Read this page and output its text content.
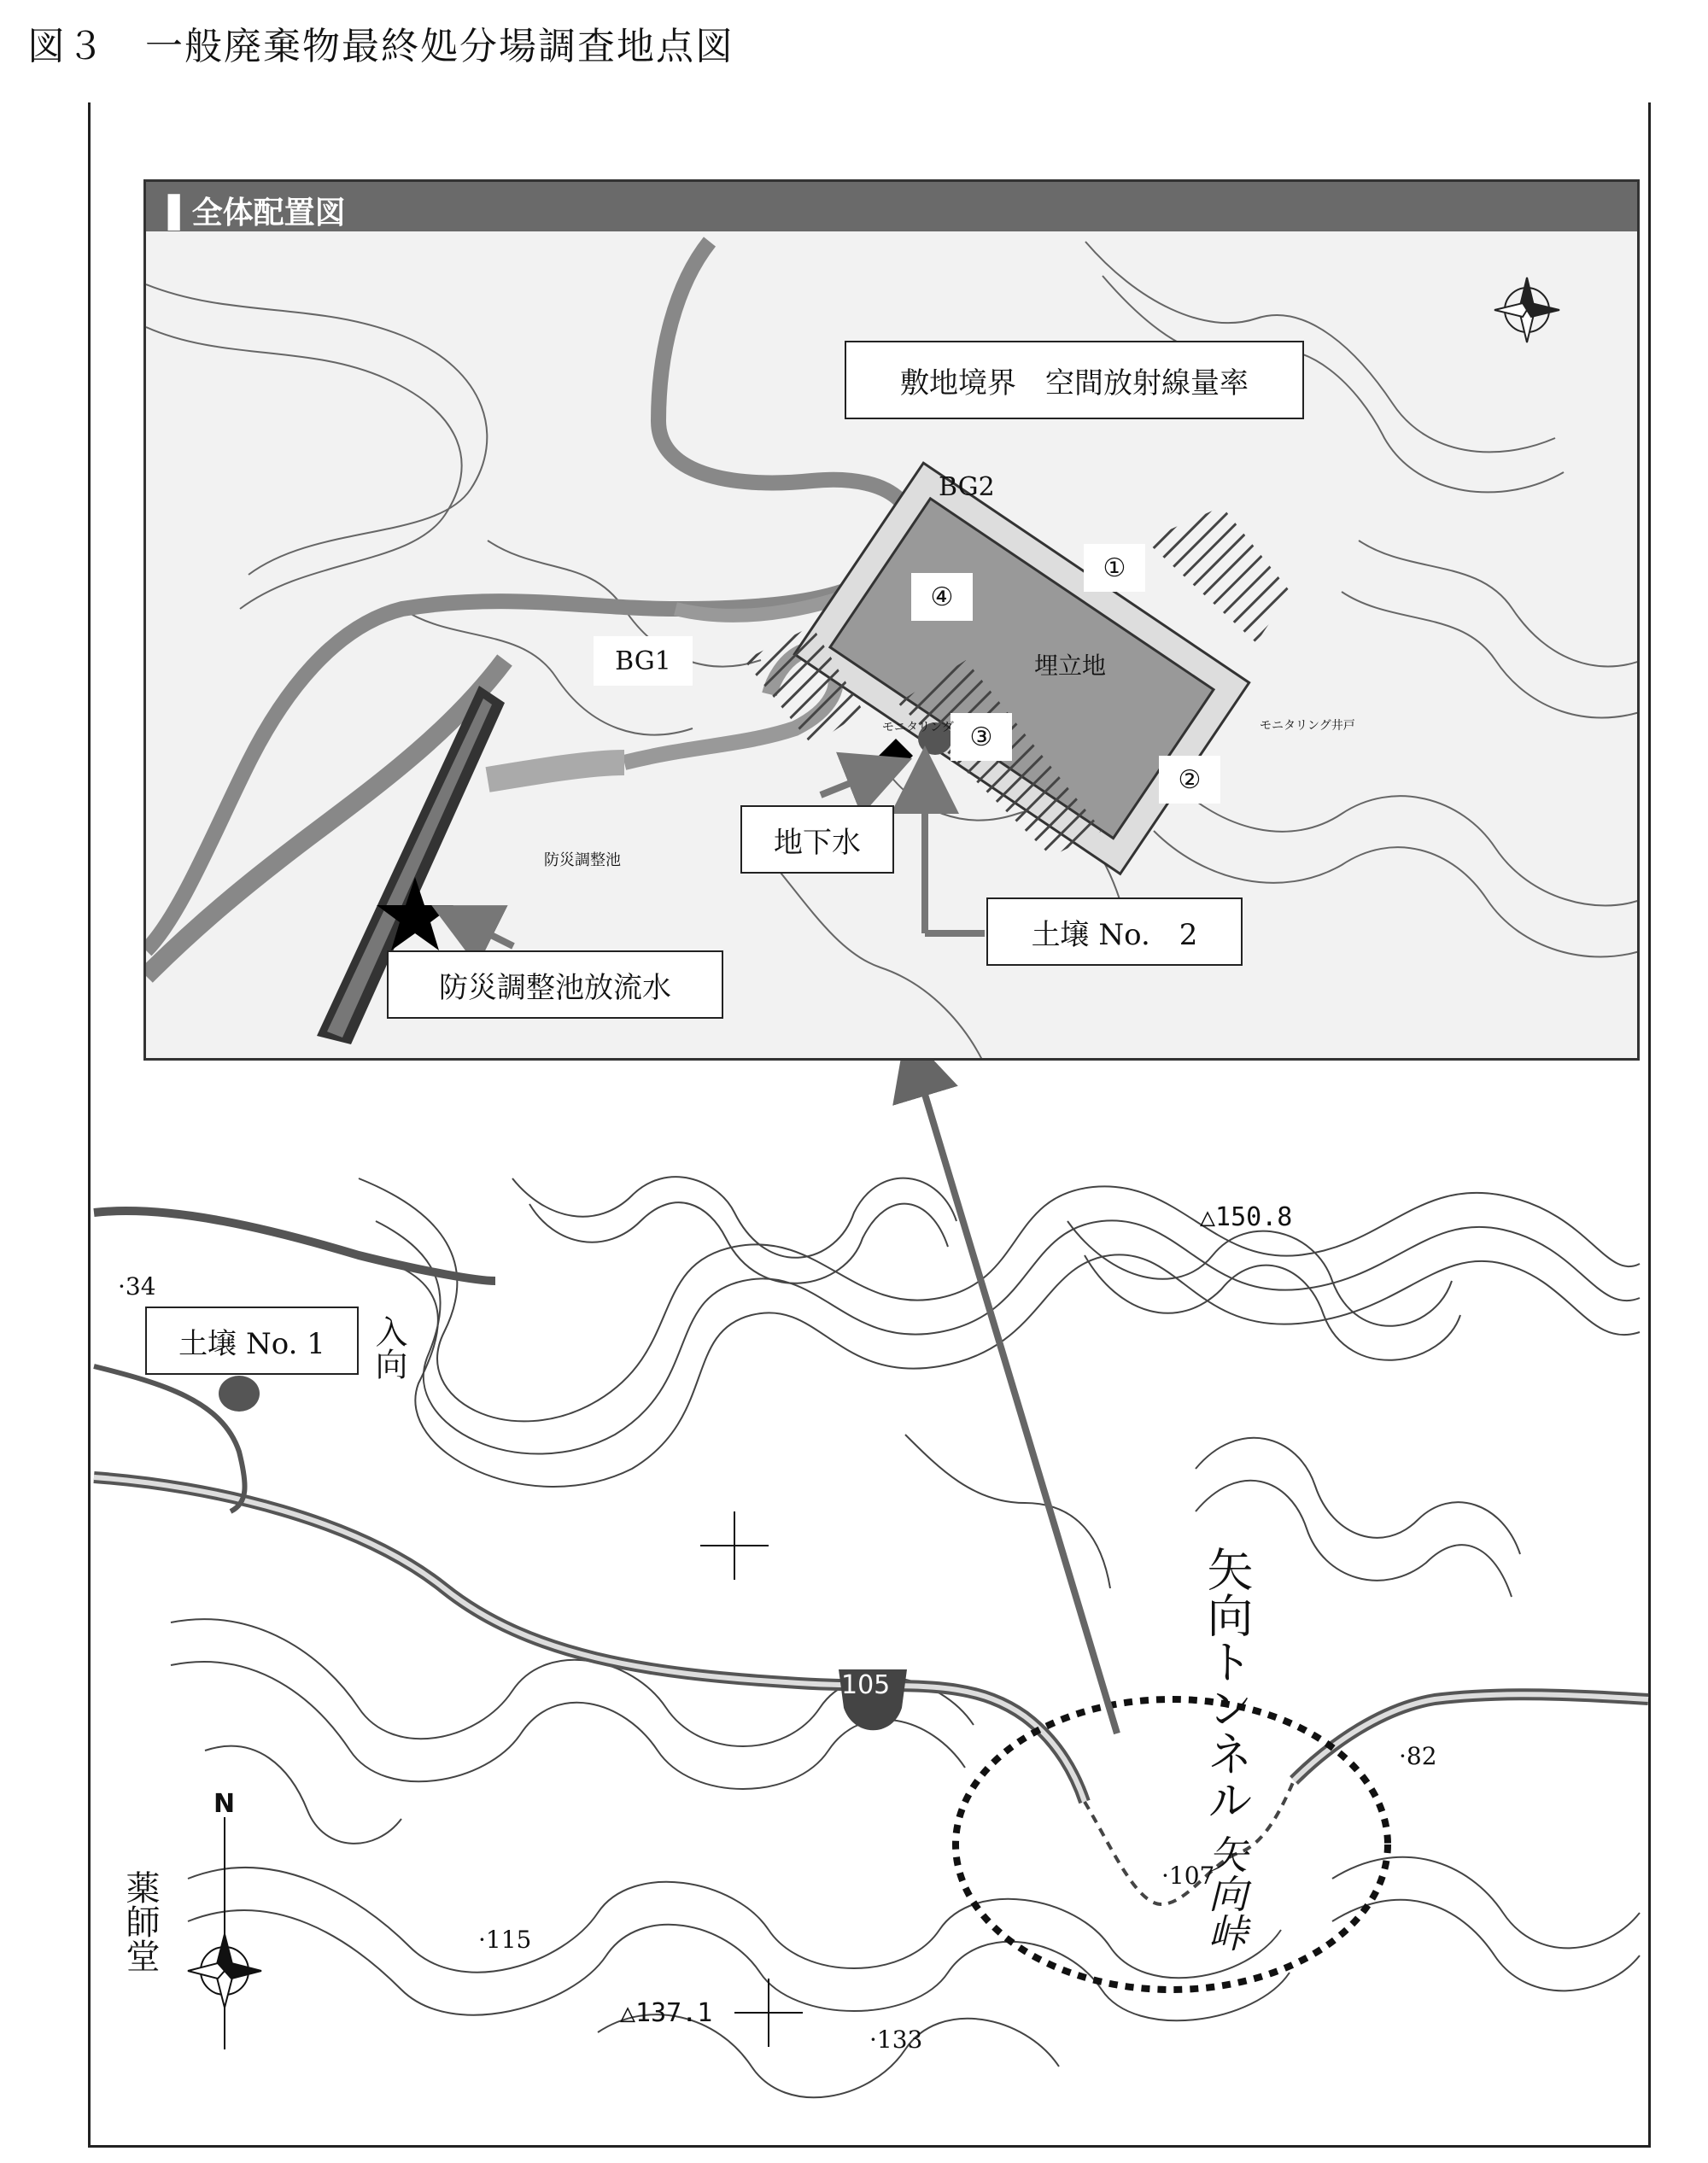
図３　一般廃棄物最終処分場調査地点図
土壌 No. 1
△150.8
·34
·115
·107
·82
△137.1
·133
105	矢向トンネル
矢向峠
薬師堂
入向
N
▌全体配置図
敷地境界　空間放射線量率
BG2
BG1
①
②
③
④
埋立地
地下水
土壌 No.　2
防災調整池放流水
防災調整池
モニタリング	モニタリング井戸
